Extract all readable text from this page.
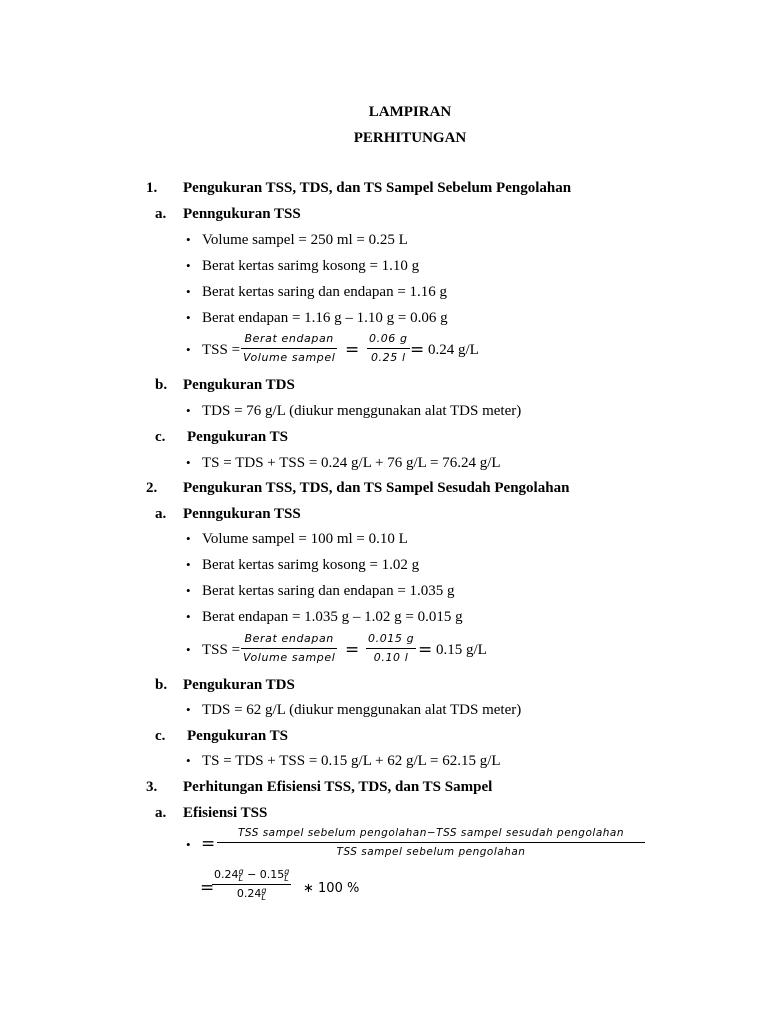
LAMPIRAN
PERHITUNGAN
1. Pengukuran TSS, TDS, dan TS Sampel Sebelum Pengolahan
a. Penngukuran TSS
• Volume sampel = 250 ml = 0.25 L
• Berat kertas sarimg kosong = 1.10 g
• Berat kertas saring dan endapan = 1.16 g
• Berat endapan = 1.16 g – 1.10 g = 0.06 g
• TSS =
Berat endapan
Volume sampel =
0.06 g
0.25 l = 0.24 g/L
b. Pengukuran TDS
• TDS = 76 g/L (diukur menggunakan alat TDS meter)
c. Pengukuran TS
• TS = TDS + TSS = 0.24 g/L + 76 g/L = 76.24 g/L
2. Pengukuran TSS, TDS, dan TS Sampel Sesudah Pengolahan
a. Penngukuran TSS
• Volume sampel = 100 ml = 0.10 L
• Berat kertas sarimg kosong = 1.02 g
• Berat kertas saring dan endapan = 1.035 g
• Berat endapan = 1.035 g – 1.02 g = 0.015 g
• TSS =
Berat endapan
Volume sampel =
0.015 g
0.10 l = 0.15 g/L
b. Pengukuran TDS
• TDS = 62 g/L (diukur menggunakan alat TDS meter)
c. Pengukuran TS
• TS = TDS + TSS = 0.15 g/L + 62 g/L = 62.15 g/L
3. Perhitungan Efisiensi TSS, TDS, dan TS Sampel
a. Efisiensi TSS
• =
TSS sampel sebelum pengolahan−TSS sampel sesudah pengolahan
TSS sampel sebelum pengolahan
=
0.24 g
L − 0.15 g
L
0.24 g
L
∗ 100 %
